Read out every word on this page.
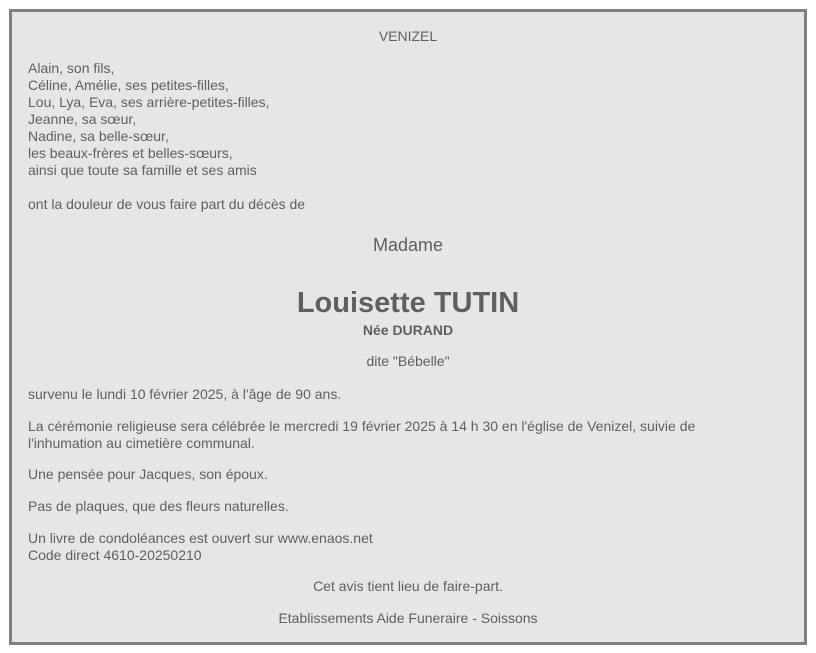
VENIZEL
Alain, son fils,
Céline, Amélie, ses petites-filles,
Lou, Lya, Eva, ses arrière-petites-filles,
Jeanne, sa sœur,
Nadine, sa belle-sœur,
les beaux-frères et belles-sœurs,
ainsi que toute sa famille et ses amis
ont la douleur de vous faire part du décès de
Madame
Louisette TUTIN
Née DURAND
dite "Bébelle"
survenu le lundi 10 février 2025, à l'âge de 90 ans.
La cérémonie religieuse sera célébrée le mercredi 19 février 2025 à 14 h 30 en l'église de Venizel, suivie de l'inhumation au cimetière communal.
Une pensée pour Jacques, son époux.
Pas de plaques, que des fleurs naturelles.
Un livre de condoléances est ouvert sur www.enaos.net
Code direct 4610-20250210
Cet avis tient lieu de faire-part.
Etablissements Aide Funeraire - Soissons
